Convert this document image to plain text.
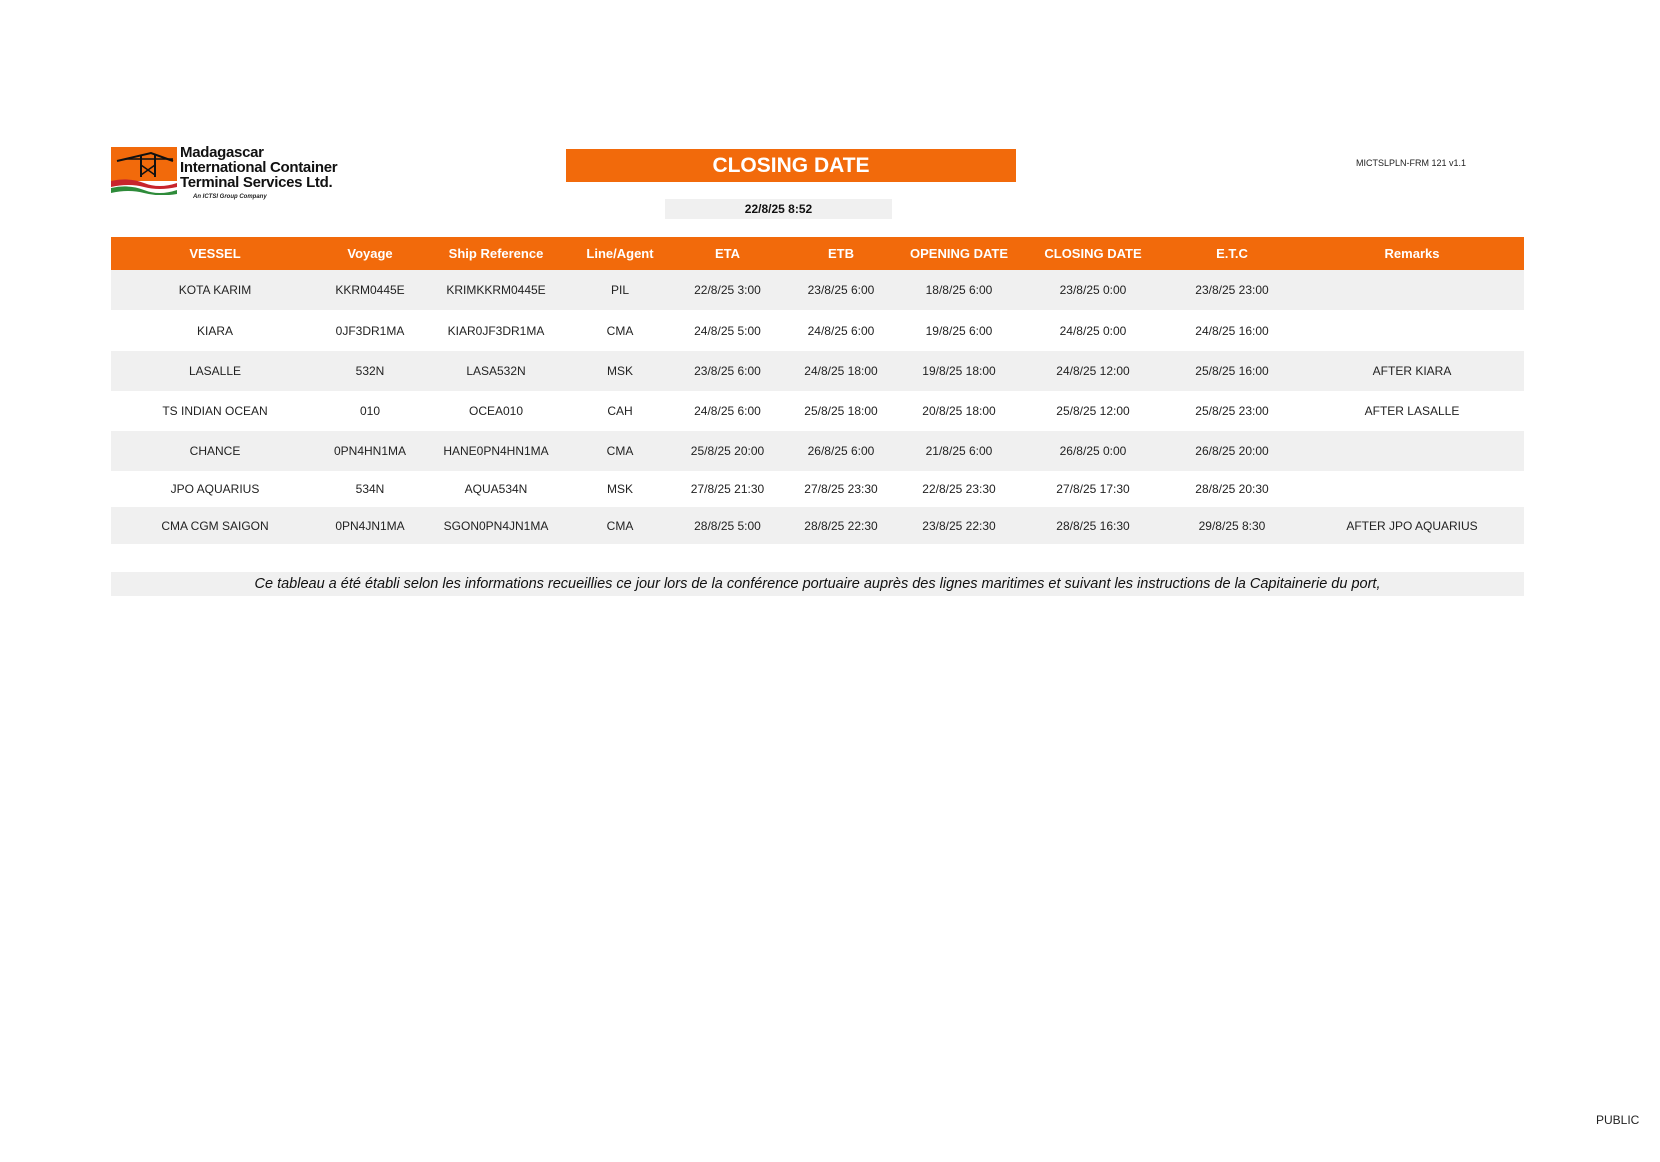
Madagascar
International Container
Terminal Services Ltd.
An ICTSI Group Company
CLOSING DATE
22/8/25 8:52
MICTSLPLN-FRM 121 v1.1
VESSEL	Voyage	Ship Reference	Line/Agent	ETA	ETB	OPENING DATE	CLOSING DATE	E.T.C	Remarks
KOTA KARIM	KKRM0445E	KRIMKKRM0445E	PIL	22/8/25 3:00	23/8/25 6:00	18/8/25 6:00	23/8/25 0:00	23/8/25 23:00	
KIARA	0JF3DR1MA	KIAR0JF3DR1MA	CMA	24/8/25 5:00	24/8/25 6:00	19/8/25 6:00	24/8/25 0:00	24/8/25 16:00	
LASALLE	532N	LASA532N	MSK	23/8/25 6:00	24/8/25 18:00	19/8/25 18:00	24/8/25 12:00	25/8/25 16:00	AFTER KIARA
TS INDIAN OCEAN	010	OCEA010	CAH	24/8/25 6:00	25/8/25 18:00	20/8/25 18:00	25/8/25 12:00	25/8/25 23:00	AFTER LASALLE
CHANCE	0PN4HN1MA	HANE0PN4HN1MA	CMA	25/8/25 20:00	26/8/25 6:00	21/8/25 6:00	26/8/25 0:00	26/8/25 20:00	
JPO AQUARIUS	534N	AQUA534N	MSK	27/8/25 21:30	27/8/25 23:30	22/8/25 23:30	27/8/25 17:30	28/8/25 20:30	
CMA CGM SAIGON	0PN4JN1MA	SGON0PN4JN1MA	CMA	28/8/25 5:00	28/8/25 22:30	23/8/25 22:30	28/8/25 16:30	29/8/25 8:30	AFTER JPO AQUARIUS
Ce tableau a été établi selon les informations recueillies ce jour lors de la conférence portuaire auprès des lignes maritimes et suivant les instructions de la Capitainerie du port,
PUBLIC
